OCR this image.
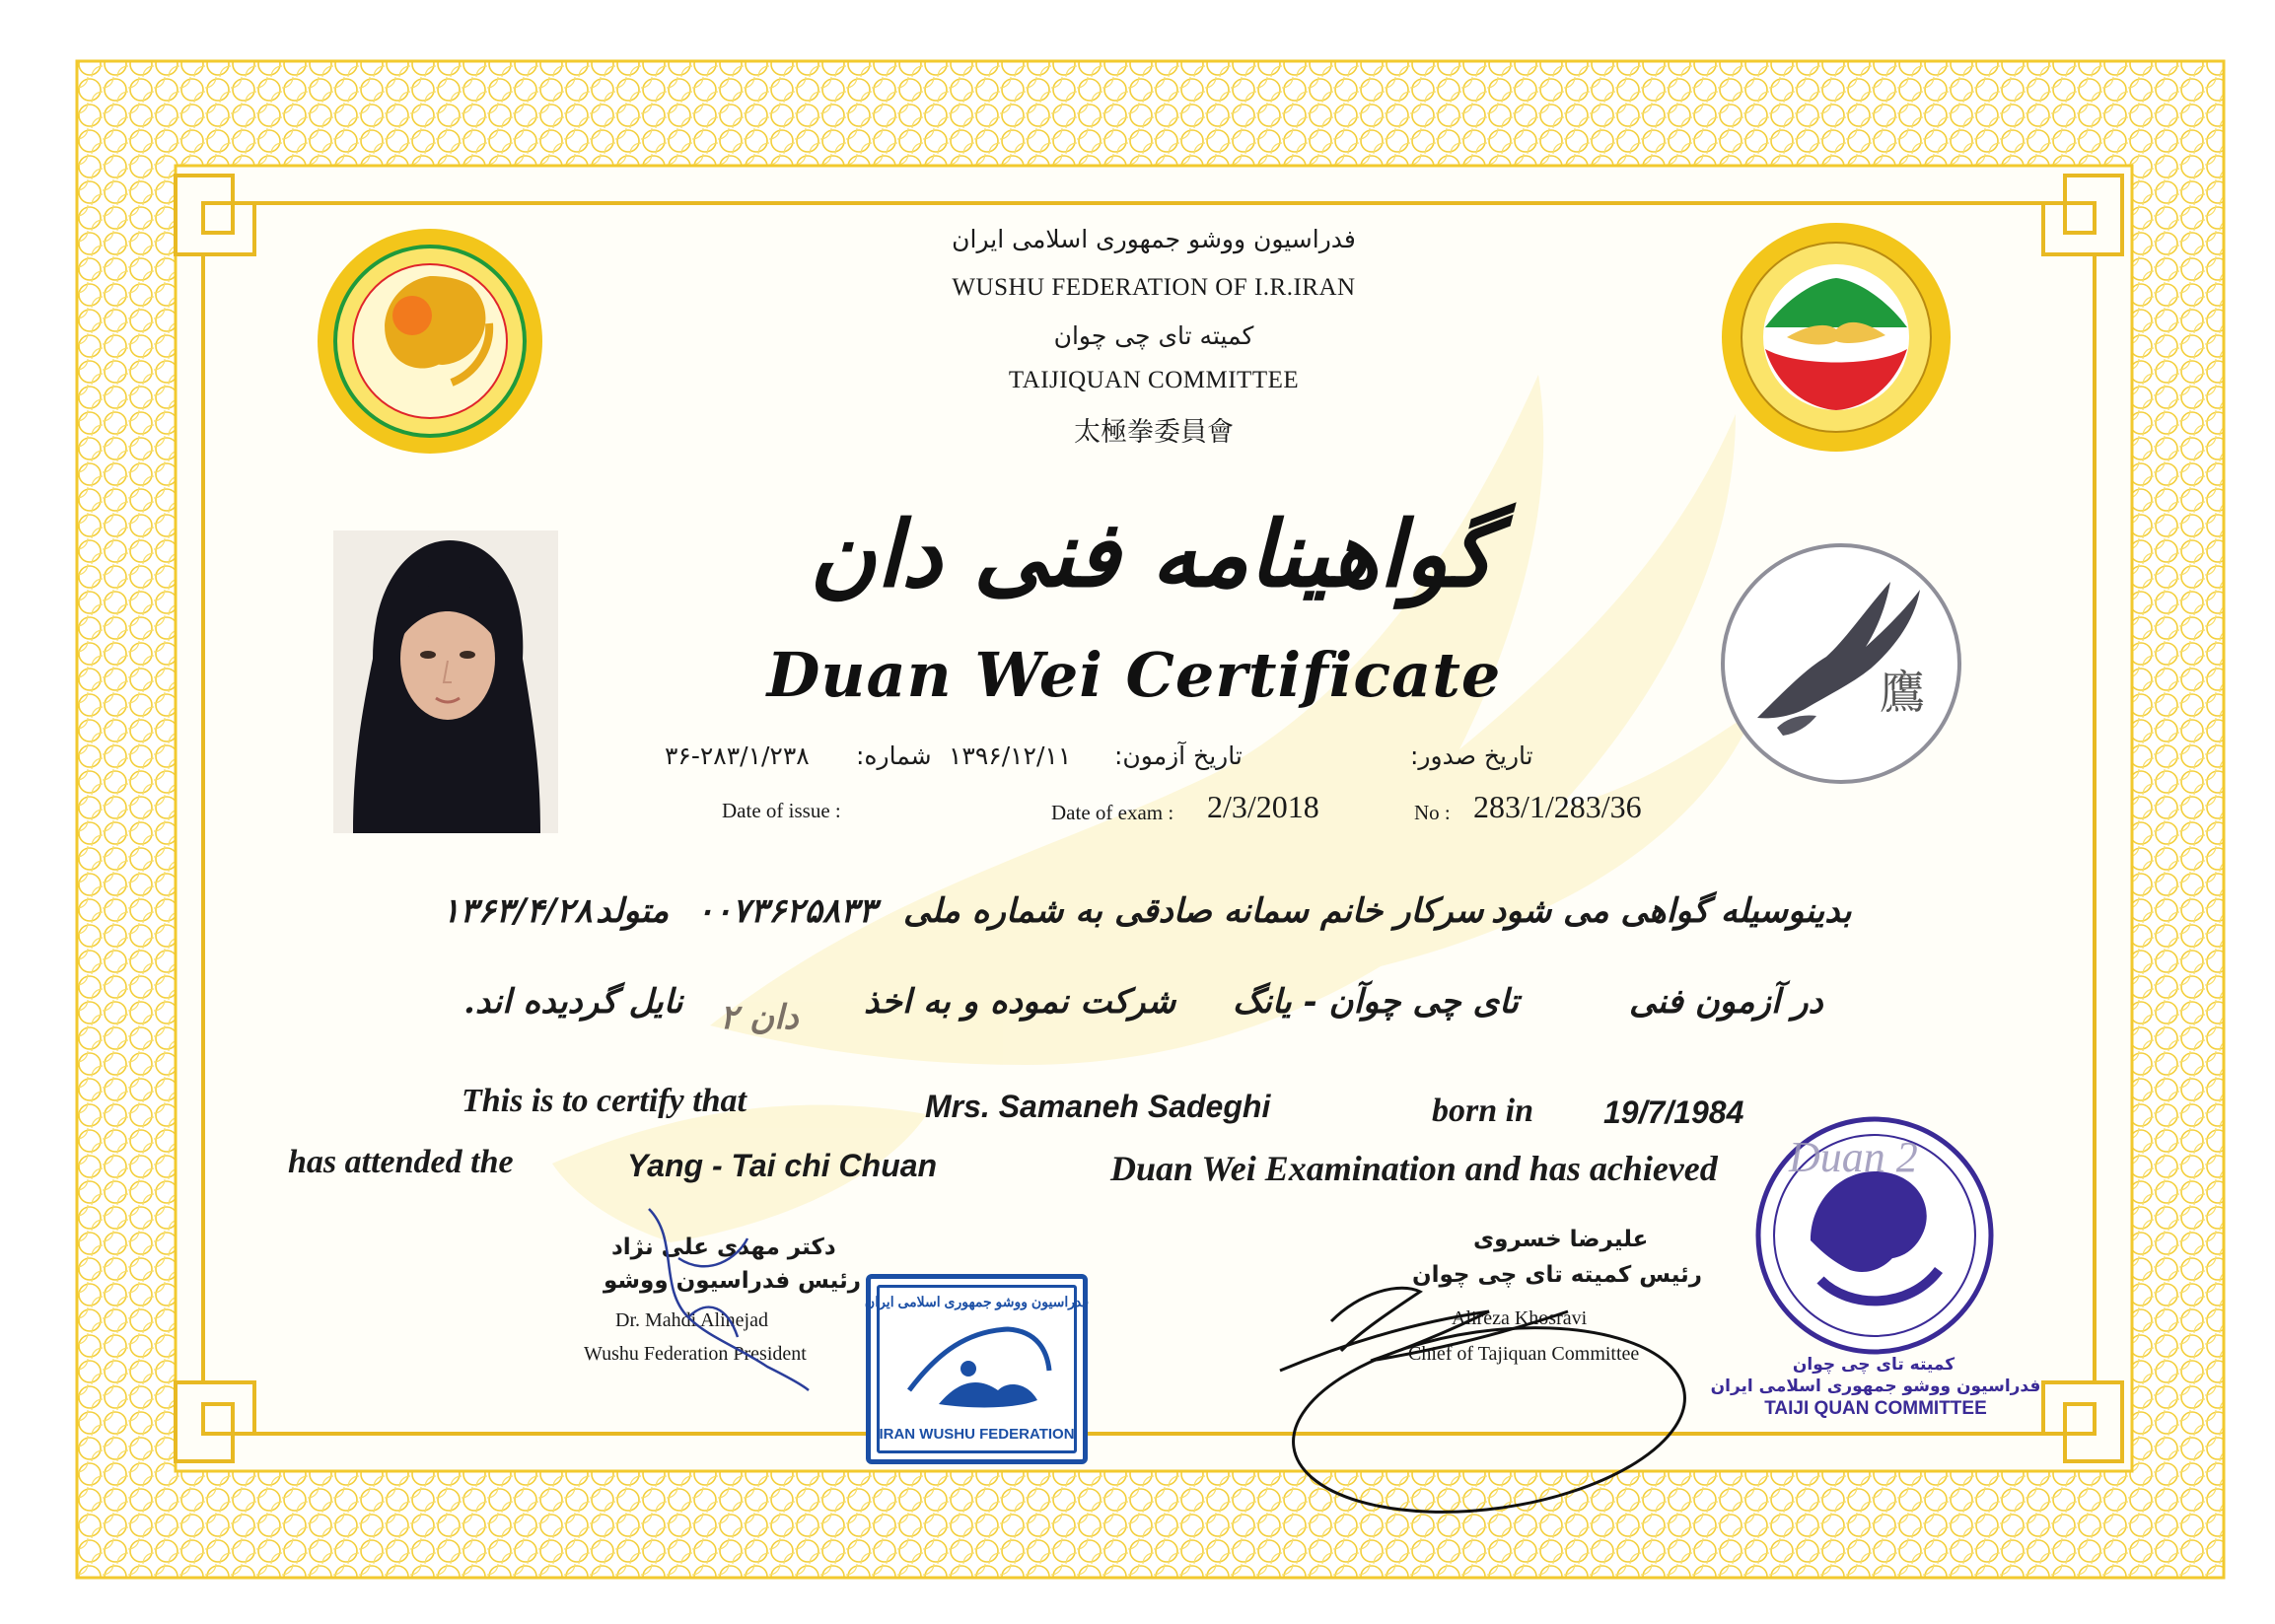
鷹
فدراسیون ووشو جمهوری اسلامی ایران
WUSHU FEDERATION OF I.R.IRAN
کمیته تای چی چوان
TAIJIQUAN COMMITTEE
太極拳委員會
گواهینامه فنی دان
Duan Wei Certificate
تاریخ صدور:
تاریخ آزمون:
۱۳۹۶/۱۲/۱۱
شماره:
۳۶-۲۸۳/۱/۲۳۸
Date of issue :	Date of exam : 2/3/2018	No : 283/1/283/36
بدینوسیله گواهی می شود
سرکار خانم سمانه صادقی
به شماره ملی
۰۰۷۳۶۲۵۸۳۳
متولد
۱۳۶۳/۴/۲۸
در آزمون فنی
تای چی چوآن - یانگ
شرکت نموده و به اخذ
دان ۲
نایل گردیده اند.
This is to certify that	Mrs. Samaneh Sadeghi	born in 19/7/1984
has attended the	Yang - Tai chi Chuan	Duan Wei Examination and has achieved
دکتر مهدی علی نژاد
رئیس فدراسیون ووشو
Dr. Mahdi Alinejad
Wushu Federation President
فدراسیون ووشو جمهوری اسلامی ایران
IRAN WUSHU FEDERATION
علیرضا خسروی
رئیس کمیته تای چی چوان
Alireza Khosravi
Chief of Tajiquan Committee
Duan 2
کمیته تای چی چوان
فدراسیون ووشو جمهوری اسلامی ایران
TAIJI QUAN COMMITTEE
